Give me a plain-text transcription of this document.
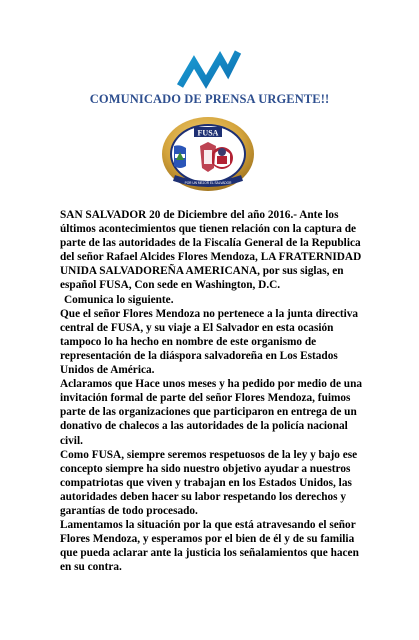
COMUNICADO DE PRENSA URGENTE!!
FUSA
POR UN MEJOR EL SALVADOR

SAN SALVADOR 20 de Diciembre del año 2016.- Ante los últimos acontecimientos que tienen relación con la captura de parte de las autoridades de la Fiscalía General de la Republica del señor Rafael Alcides Flores Mendoza, LA FRATERNIDAD UNIDA SALVADOREÑA AMERICANA, por sus siglas, en español FUSA, Con sede en Washington, D.C.

Comunica lo siguiente.

Que el señor Flores Mendoza no pertenece a la junta directiva central de FUSA, y su viaje a El Salvador en esta ocasión tampoco lo ha hecho en nombre de este organismo de representación de la diáspora salvadoreña en Los Estados Unidos de América.

Aclaramos que Hace unos meses y ha pedido por medio de una invitación formal de parte del señor Flores Mendoza, fuimos parte de las organizaciones que participaron en entrega de un donativo de chalecos a las autoridades de la policía nacional civil.

Como FUSA, siempre seremos respetuosos de la ley y bajo ese concepto siempre ha sido nuestro objetivo ayudar a nuestros compatriotas que viven y trabajan en los Estados Unidos, las autoridades deben hacer su labor respetando los derechos y garantías de todo procesado.

Lamentamos la situación por la que está atravesando el señor Flores Mendoza, y esperamos por el bien de él y de su familia que pueda aclarar ante la justicia los señalamientos que hacen en su contra.
